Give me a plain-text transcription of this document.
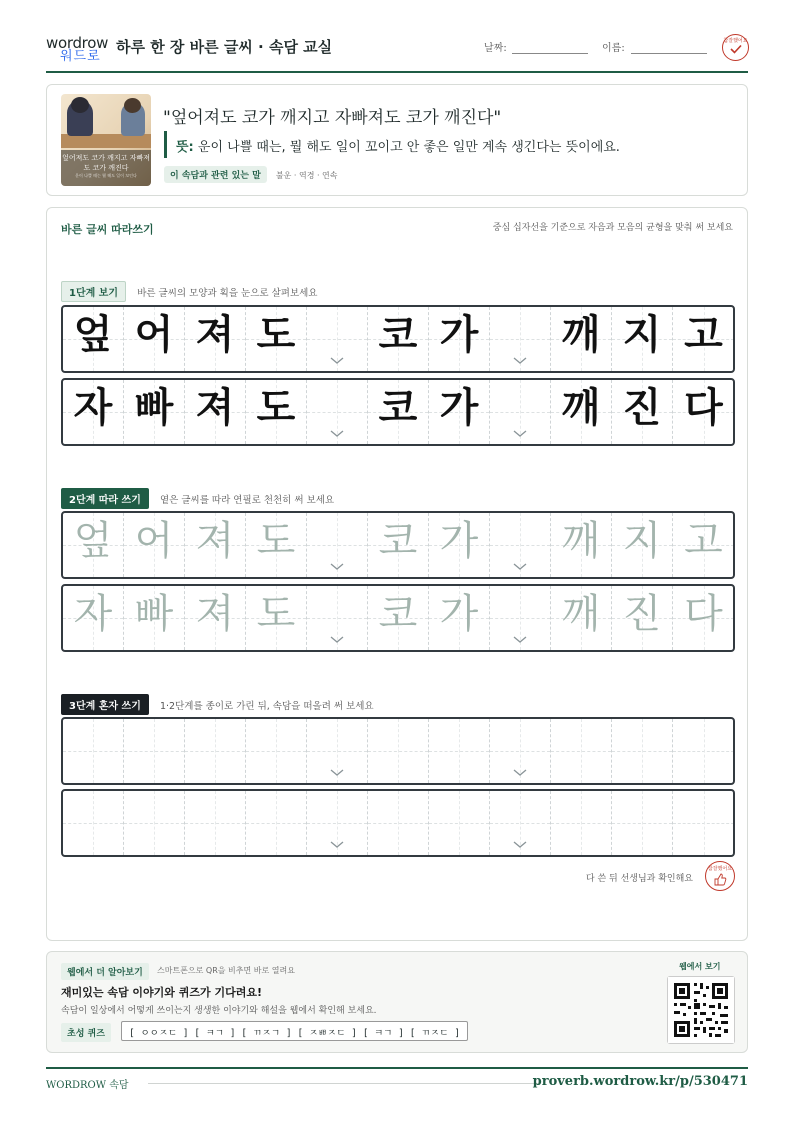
wordrow
워드로
하루 한 장 바른 글씨 · 속담 교실	날짜:	이름:
참잘했어요
엎어져도 코가 깨지고 자빠져도 코가 깨진다
운이 나쁠 때는 뭘 해도 일이 꼬인다
"엎어져도 코가 깨지고 자빠져도 코가 깨진다"
뜻: 운이 나쁠 때는, 뭘 해도 일이 꼬이고 안 좋은 일만 계속 생긴다는 뜻이에요.
이 속담과 관련 있는 말 불운 · 역경 · 연속
바른 글씨 따라쓰기	중심 십자선을 기준으로 자음과 모음의 균형을 맞춰 써 보세요
1단계 보기 바른 글씨의 모양과 획을 눈으로 살펴보세요
엎 어 져 도 코 가 깨 지 고
자 빠 져 도 코 가 깨 진 다
2단계 따라 쓰기 옅은 글씨를 따라 연필로 천천히 써 보세요
엎 어 져 도 코 가 깨 지 고
자 빠 져 도 코 가 깨 진 다
3단계 혼자 쓰기 1·2단계를 종이로 가린 뒤, 속담을 떠올려 써 보세요
다 쓴 뒤 선생님과 확인해요
참잘했어요
웹에서 더 알아보기	스마트폰으로 QR을 비추면 바로 열려요
재미있는 속담 이야기와 퀴즈가 기다려요!
속담이 일상에서 어떻게 쓰이는지 생생한 이야기와 해설을 웹에서 확인해 보세요.
초성 퀴즈	[ ㅇㅇㅈㄷ ] [ ㅋㄱ ] [ ㄲㅈㄱ ] [ ㅈㅃㅈㄷ ] [ ㅋㄱ ] [ ㄲㅈㄷ ]
웹에서 보기
WORDROW 속담	proverb.wordrow.kr/p/530471
